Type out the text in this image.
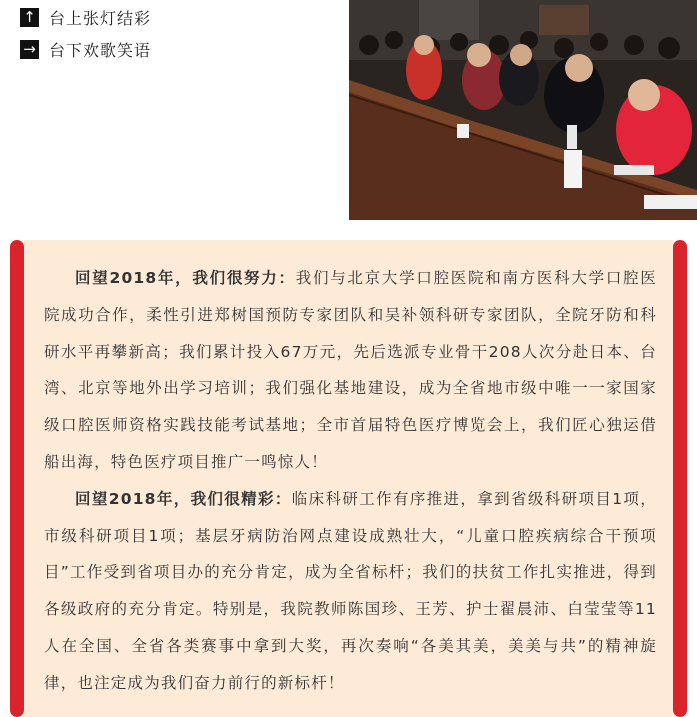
↑ 台上张灯结彩
→ 台下欢歌笑语

回望2018年，我们很努力：我们与北京大学口腔医院和南方医科大学口腔医院成功合作，柔性引进郑树国预防专家团队和吴补领科研专家团队，全院牙防和科研水平再攀新高；我们累计投入67万元，先后选派专业骨干208人次分赴日本、台湾、北京等地外出学习培训；我们强化基地建设，成为全省地市级中唯一一家国家级口腔医师资格实践技能考试基地；全市首届特色医疗博览会上，我们匠心独运借船出海，特色医疗项目推广一鸣惊人！

回望2018年，我们很精彩：临床科研工作有序推进，拿到省级科研项目1项，市级科研项目1项；基层牙病防治网点建设成熟壮大，“儿童口腔疾病综合干预项目”工作受到省项目办的充分肯定，成为全省标杆；我们的扶贫工作扎实推进，得到各级政府的充分肯定。特别是，我院教师陈国珍、王芳、护士翟晨沛、白莹莹等11人在全国、全省各类赛事中拿到大奖，再次奏响“各美其美，美美与共”的精神旋律，也注定成为我们奋力前行的新标杆！
